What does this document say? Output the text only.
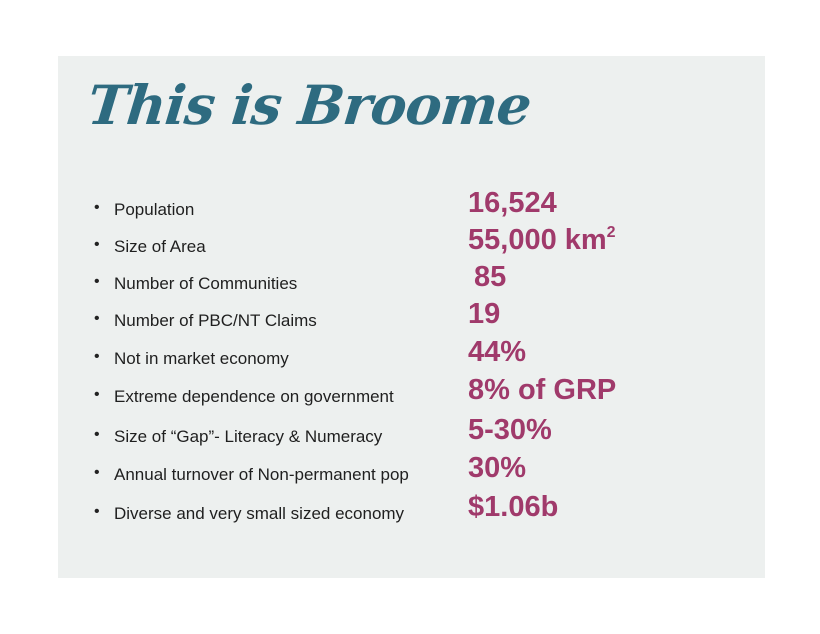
This is Broome
• Population	16,524
• Size of Area	55,000 $km^2$
• Number of Communities	85
• Number of PBC/NT Claims	19
• Not in market economy	44%
• Extreme dependence on government	8% of GRP
• Size of “Gap”- Literacy & Numeracy	5-30%
• Annual turnover of Non-permanent pop 30%
• Diverse and very small sized economy $1.06b
